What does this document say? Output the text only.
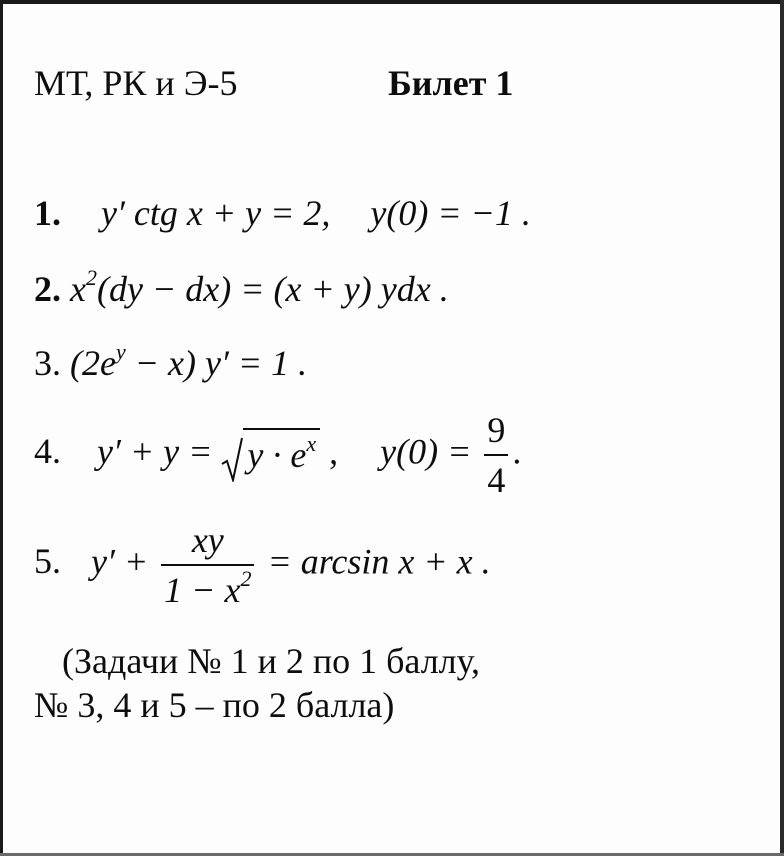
МТ, РК и Э-5	Билет 1
1. y′ ctg x + y = 2, y(0) = −1 .
2. $x^2(dy - dx) = (x + y)$ ydx .
3. $(2e^y - x) y' = 1$ .
4. $y' + y = y \cdot e^x$ , $y(0) = \frac{9}{4}$ .
5. $y' + \frac{xy}{1 - x^2} = \arcsin x + x$ .
(Задачи № 1 и 2 по 1 баллу,
№ 3, 4 и 5 – по 2 балла)
